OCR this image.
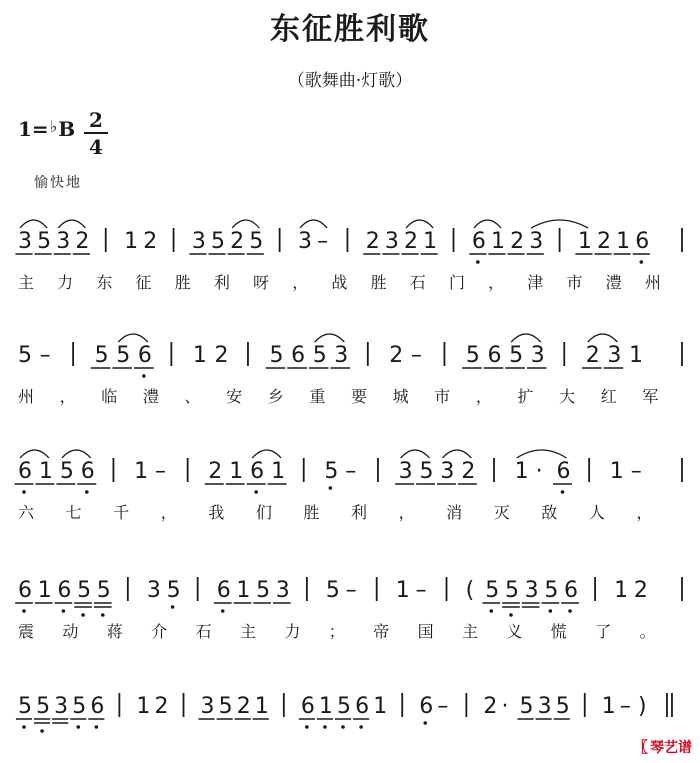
东征胜利歌
（歌舞曲·灯歌）
1=♭B 2
4
愉快地
3 5 3 2 1 2 3 5 2 5 3 – 2 3 2 1 6 1 2 3 1 2 1 6
主 力 东 征 胜 利 呀 ， 战 胜 石 门 ， 津 市 澧 州
5 – 5 5 6 1 2 5 6 5 3 2 – 5 6 5 3 2 3 1
州 ， 临 澧 、 安 乡 重 要 城 市 ， 扩 大 红 军
6 1 5 6 1 – 2 1 6 1 5 – 3 5 3 2 1 · 6 1 –
六 七 千 ， 我 们 胜 利 ， 消 灭 敌 人 ，
6 1 6 5 5 3 5 6 1 5 3 5 – 1 – ( 5 5 3 5 6 1 2
震 动 蒋 介 石 主 力 ； 帝 国 主 义 慌 了 。
5 5 3 5 6 1 2 3 5 2 1 6 1 5 6 1 6 – 2 · 5 3 5 1 – )
〖 琴艺谱
